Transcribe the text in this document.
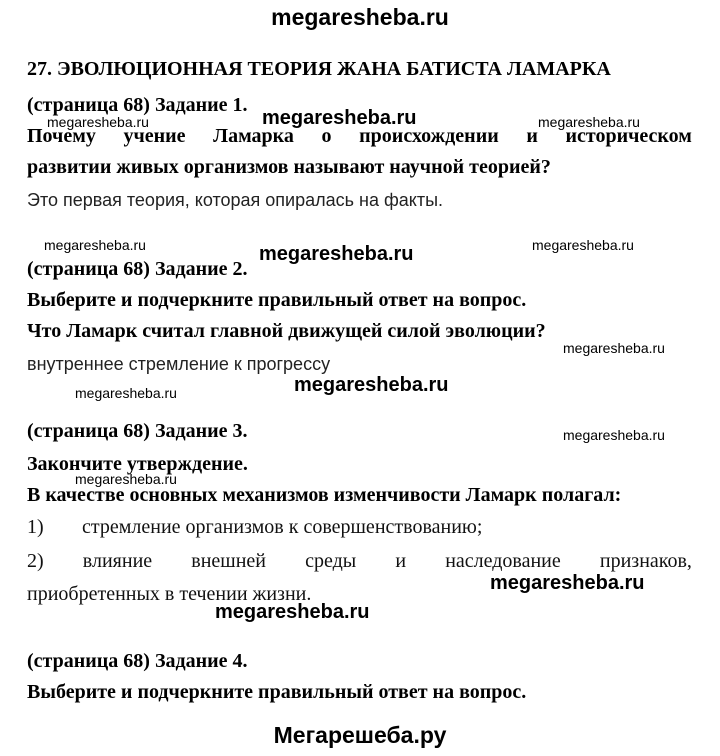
megaresheba.ru
27. ЭВОЛЮЦИОННАЯ ТЕОРИЯ ЖАНА БАТИСТА ЛАМАРКА
(страница 68) Задание 1.
Почему учение Ламарка о происхождении и историческом
развитии живых организмов называют научной теорией?
Это первая теория, которая опиралась на факты.
(страница 68) Задание 2.
Выберите и подчеркните правильный ответ на вопрос.
Что Ламарк считал главной движущей силой эволюции?
внутреннее стремление к прогрессу
(страница 68) Задание 3.
Закончите утверждение.
В качестве основных механизмов изменчивости Ламарк полагал:
1) стремление организмов к совершенствованию;
2) влияние внешней среды и наследование признаков,
приобретенных в течении жизни.
(страница 68) Задание 4.
Выберите и подчеркните правильный ответ на вопрос.
megaresheba.ru	megaresheba.ru	megaresheba.ru
megaresheba.ru	megaresheba.ru	megaresheba.ru
megaresheba.ru
megaresheba.ru	megaresheba.ru
megaresheba.ru
megaresheba.ru
megaresheba.ru
megaresheba.ru
Мегарешеба.ру
